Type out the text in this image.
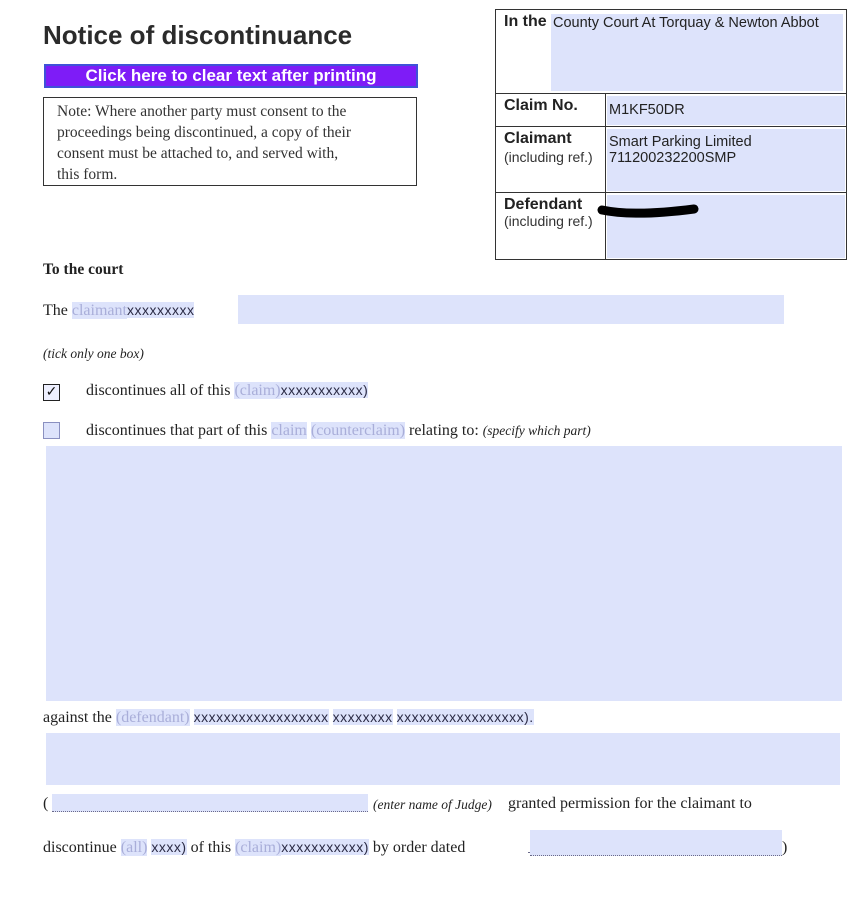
Notice of discontinuance
Click here to clear text after printing
Note: Where another party must consent to the
proceedings being discontinued, a copy of their
consent must be attached to, and served with,
this form.
In the County Court At Torquay & Newton Abbot
Claim No. M1KF50DR
Claimant
(including ref.)
Smart Parking Limited
711200232200SMP
Defendant
(including ref.)
To the court
The claimantxxxxxxxxx
(tick only one box)
✓ discontinues all of this (claim)xxxxxxxxxxx)
discontinues that part of this claim (counterclaim) relating to: (specify which part)
against the (defendant) xxxxxxxxxxxxxxxxxx xxxxxxxx xxxxxxxxxxxxxxxxx).
(	(enter name of Judge) granted permission for the claimant to
discontinue (all) xxxx) of this (claim)xxxxxxxxxxx) by order dated	)
